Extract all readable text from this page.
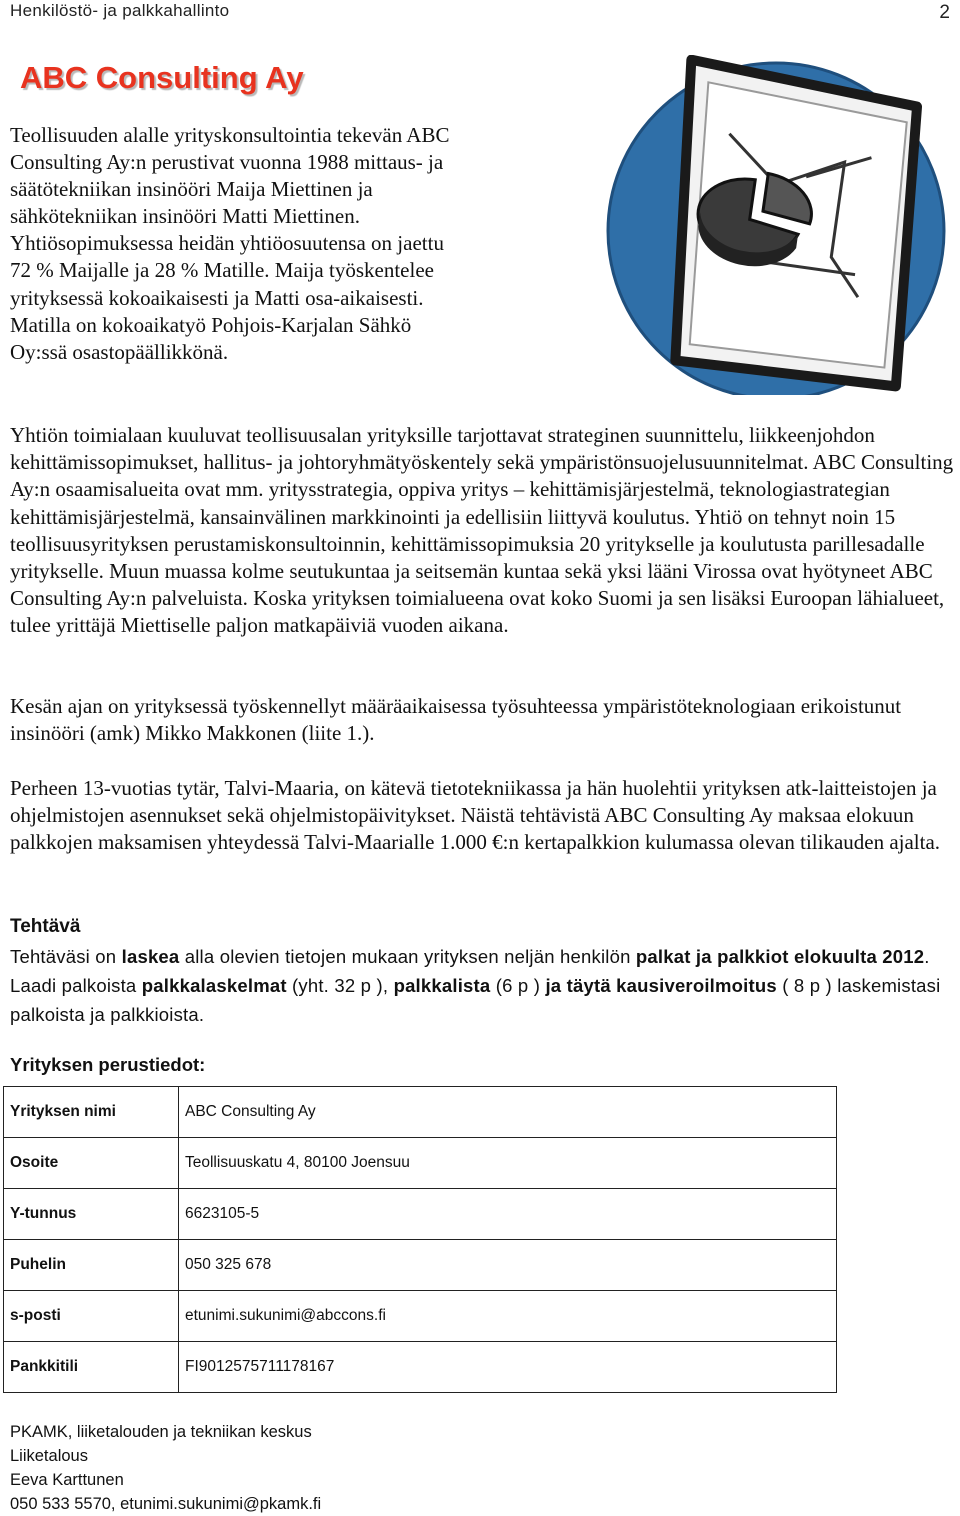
Henkilöstö- ja palkkahallinto	2
ABC Consulting Ay

Teollisuuden alalle yrityskonsultointia tekevän ABC Consulting Ay:n perustivat vuonna 1988 mittaus- ja säätötekniikan insinööri Maija Miettinen ja sähkötekniikan insinööri Matti Miettinen. Yhtiösopimuksessa heidän yhtiöosuutensa on jaettu 72 % Maijalle ja 28 % Matille. Maija työskentelee yrityksessä kokoaikaisesti ja Matti osa-aikaisesti. Matilla on kokoaikatyö Pohjois-Karjalan Sähkö Oy:ssä osastopäällikkönä.

Yhtiön toimialaan kuuluvat teollisuusalan yrityksille tarjottavat strateginen suunnittelu, liikkeenjohdon kehittämissopimukset, hallitus- ja johtoryhmätyöskentely sekä ympäristönsuojelusuunnitelmat. ABC Consulting Ay:n osaamisalueita ovat mm. yritysstrategia, oppiva yritys – kehittämisjärjestelmä, teknologiastrategian kehittämisjärjestelmä, kansainvälinen markkinointi ja edellisiin liittyvä koulutus. Yhtiö on tehnyt noin 15 teollisuusyrityksen perustamiskonsultoinnin, kehittämissopimuksia 20 yritykselle ja koulutusta parillesadalle yritykselle. Muun muassa kolme seutukuntaa ja seitsemän kuntaa sekä yksi lääni Virossa ovat hyötyneet ABC Consulting Ay:n palveluista. Koska yrityksen toimialueena ovat koko Suomi ja sen lisäksi Euroopan lähialueet, tulee yrittäjä Miettiselle paljon matkapäiviä vuoden aikana.

Kesän ajan on yrityksessä työskennellyt määräaikaisessa työsuhteessa ympäristöteknologiaan erikoistunut insinööri (amk) Mikko Makkonen (liite 1.).

Perheen 13-vuotias tytär, Talvi-Maaria, on kätevä tietotekniikassa ja hän huolehtii yrityksen atk-laitteistojen ja ohjelmistojen asennukset sekä ohjelmistopäivitykset. Näistä tehtävistä ABC Consulting Ay maksaa elokuun palkkojen maksamisen yhteydessä Talvi-Maarialle 1.000 €:n kertapalkkion kulumassa olevan tilikauden ajalta.

Tehtävä

Tehtäväsi on laskea alla olevien tietojen mukaan yrityksen neljän henkilön palkat ja palkkiot elokuulta 2012. Laadi palkoista palkkalaskelmat (yht. 32 p ), palkkalista (6 p ) ja täytä kausiveroilmoitus ( 8 p ) laskemistasi palkoista ja palkkioista.

Yrityksen perustiedot:
Yrityksen nimi	ABC Consulting Ay
Osoite	Teollisuuskatu 4, 80100 Joensuu
Y-tunnus	6623105-5
Puhelin	050 325 678
s-posti	etunimi.sukunimi@abccons.fi
Pankkitili	FI9012575711178167
PKAMK, liiketalouden ja tekniikan keskus
Liiketalous
Eeva Karttunen
050 533 5570, etunimi.sukunimi@pkamk.fi
